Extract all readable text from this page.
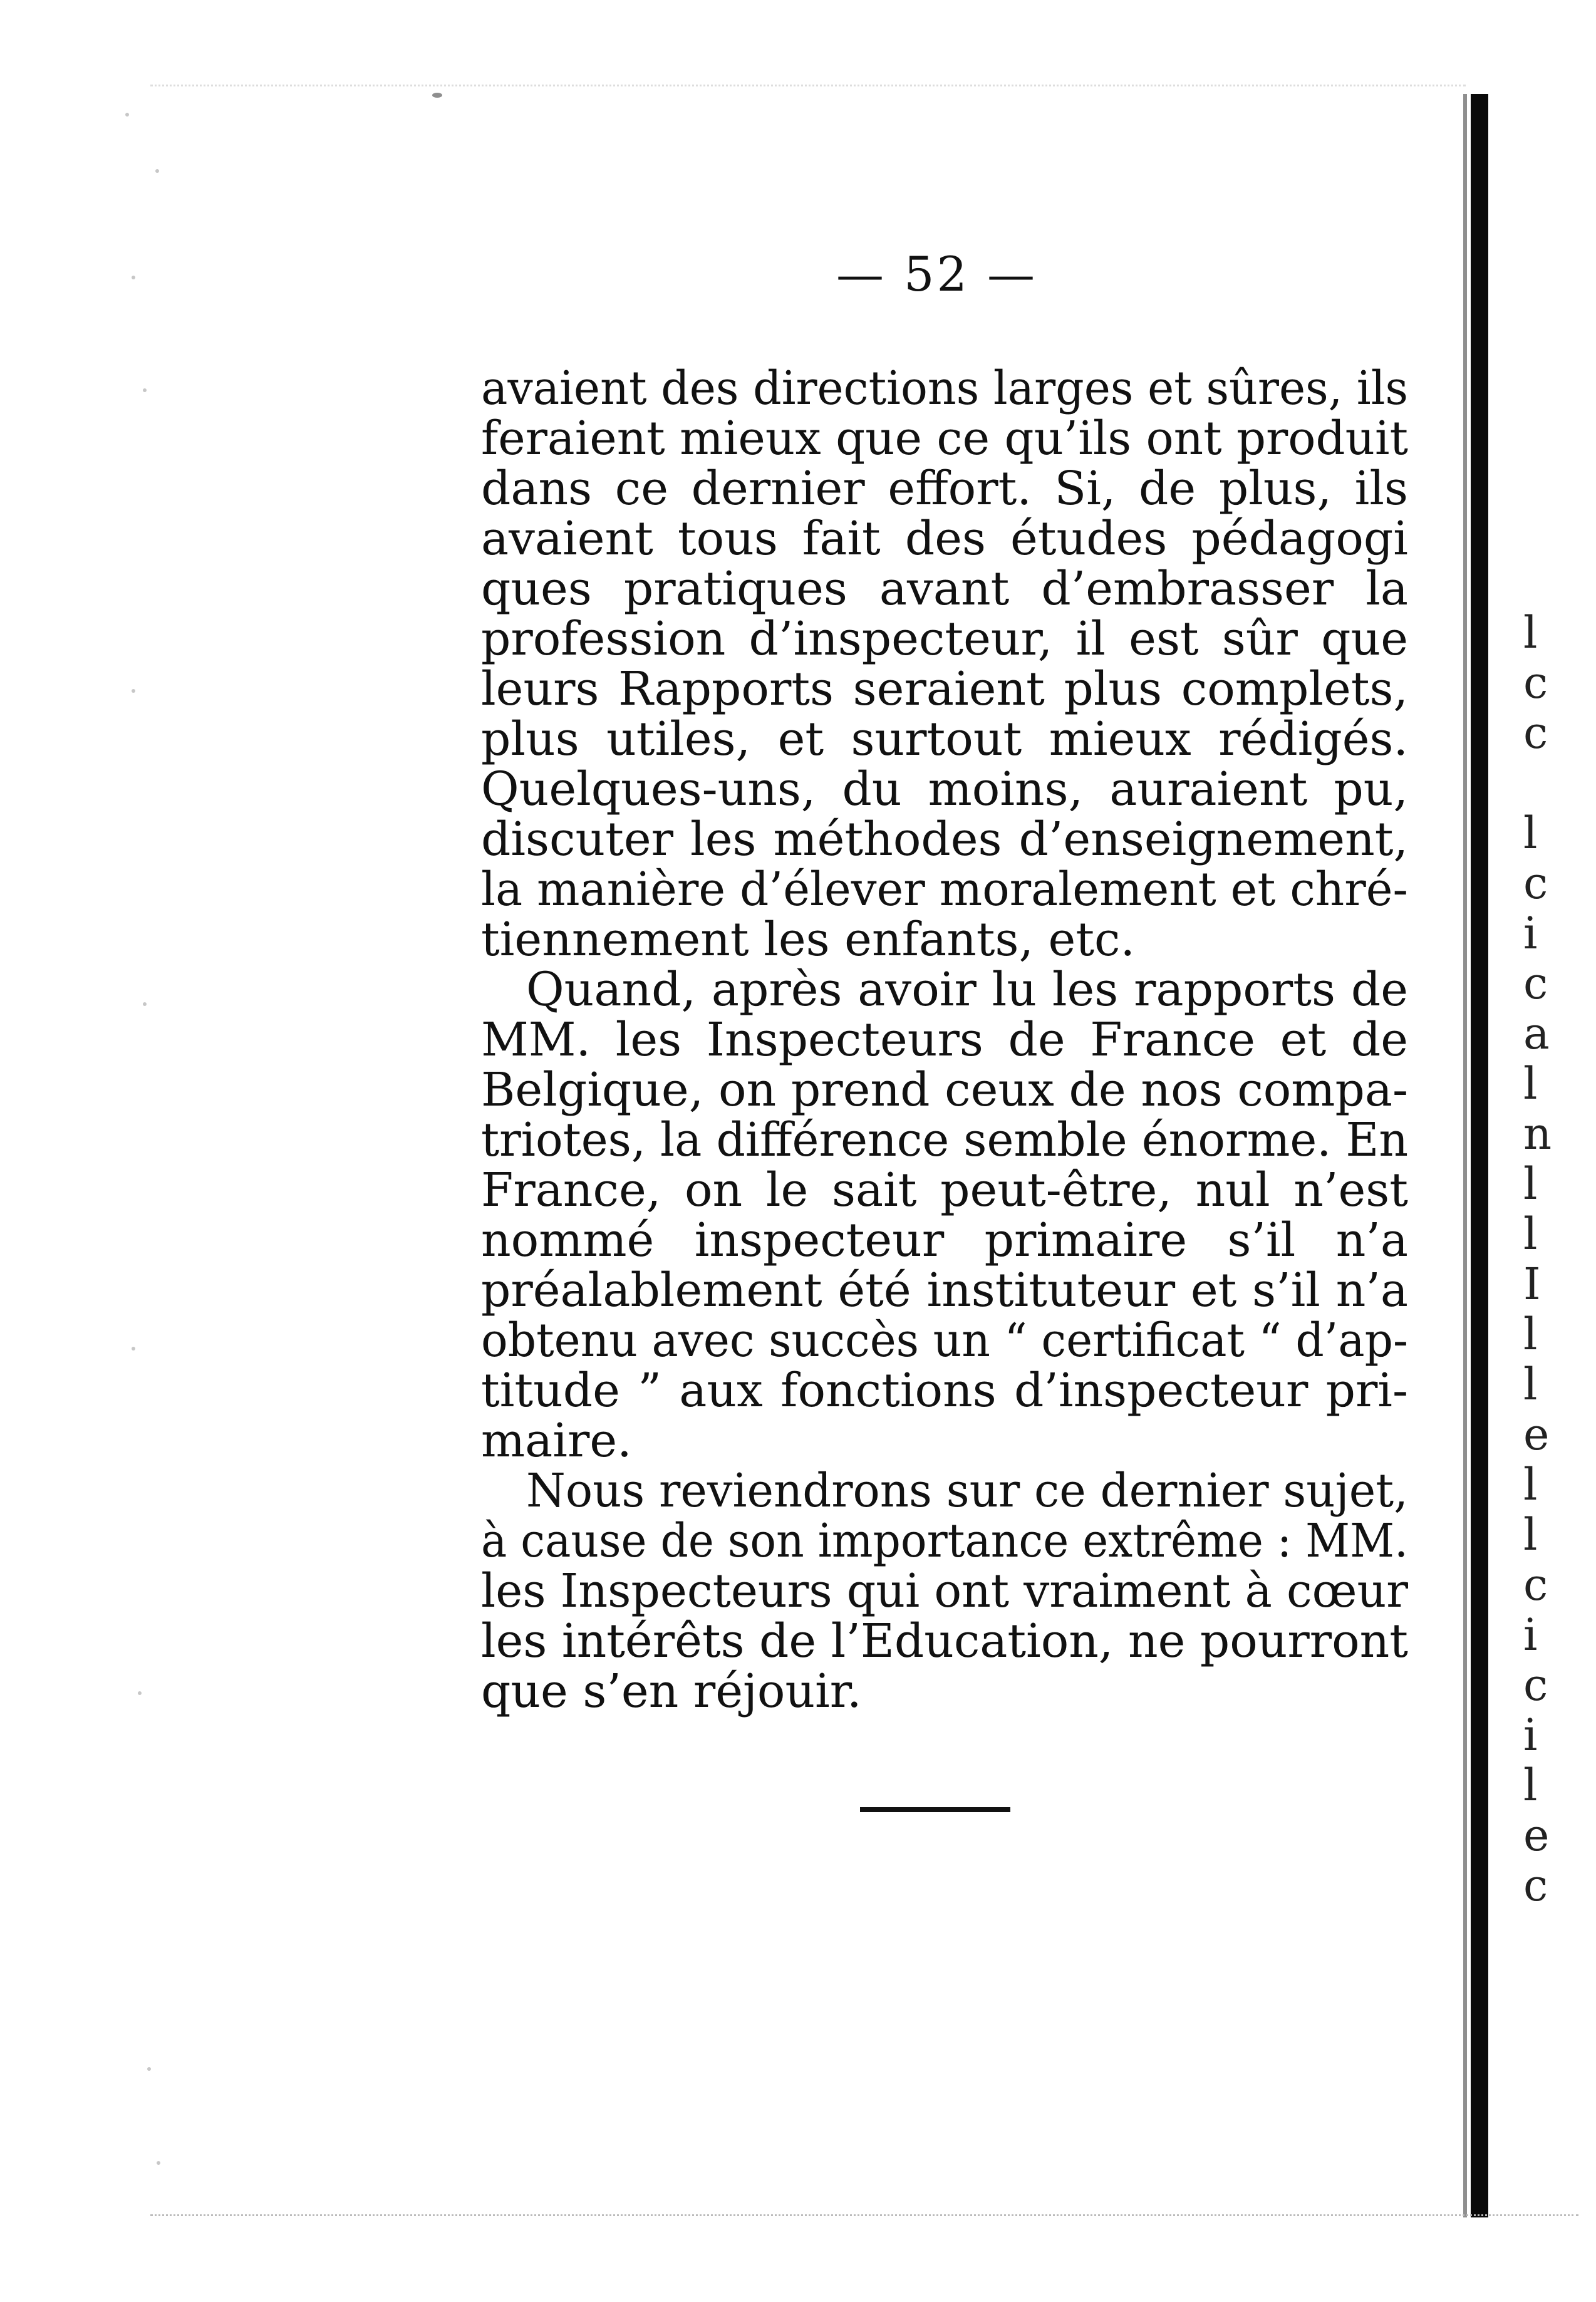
— 52 —
avaient des directions larges et sûres, ils
feraient mieux que ce qu’ils ont produit
dans ce dernier effort. Si, de plus, ils
avaient tous fait des études pédagogi
ques pratiques avant d’embrasser la
profession d’inspecteur, il est sûr que
leurs Rapports seraient plus complets,
plus utiles, et surtout mieux rédigés.
Quelques-uns, du moins, auraient pu,
discuter les méthodes d’enseignement,
la manière d’élever moralement et chré-
tiennement les enfants, etc.
Quand, après avoir lu les rapports de
MM. les Inspecteurs de France et de
Belgique, on prend ceux de nos compa-
triotes, la différence semble énorme. En
France, on le sait peut-être, nul n’est
nommé inspecteur primaire s’il n’a
préalablement été instituteur et s’il n’a
obtenu avec succès un “ certificat “ d’ap-
titude ” aux fonctions d’inspecteur pri-
maire.
Nous reviendrons sur ce dernier sujet,
à cause de son importance extrême : MM.
les Inspecteurs qui ont vraiment à cœur
les intérêts de l’Education, ne pourront
que s’en réjouir.
l
c
c
l
c
i
c
a
l
n
l
l
I
l
l
e
l
l
c
i
c
i
l
e
c
